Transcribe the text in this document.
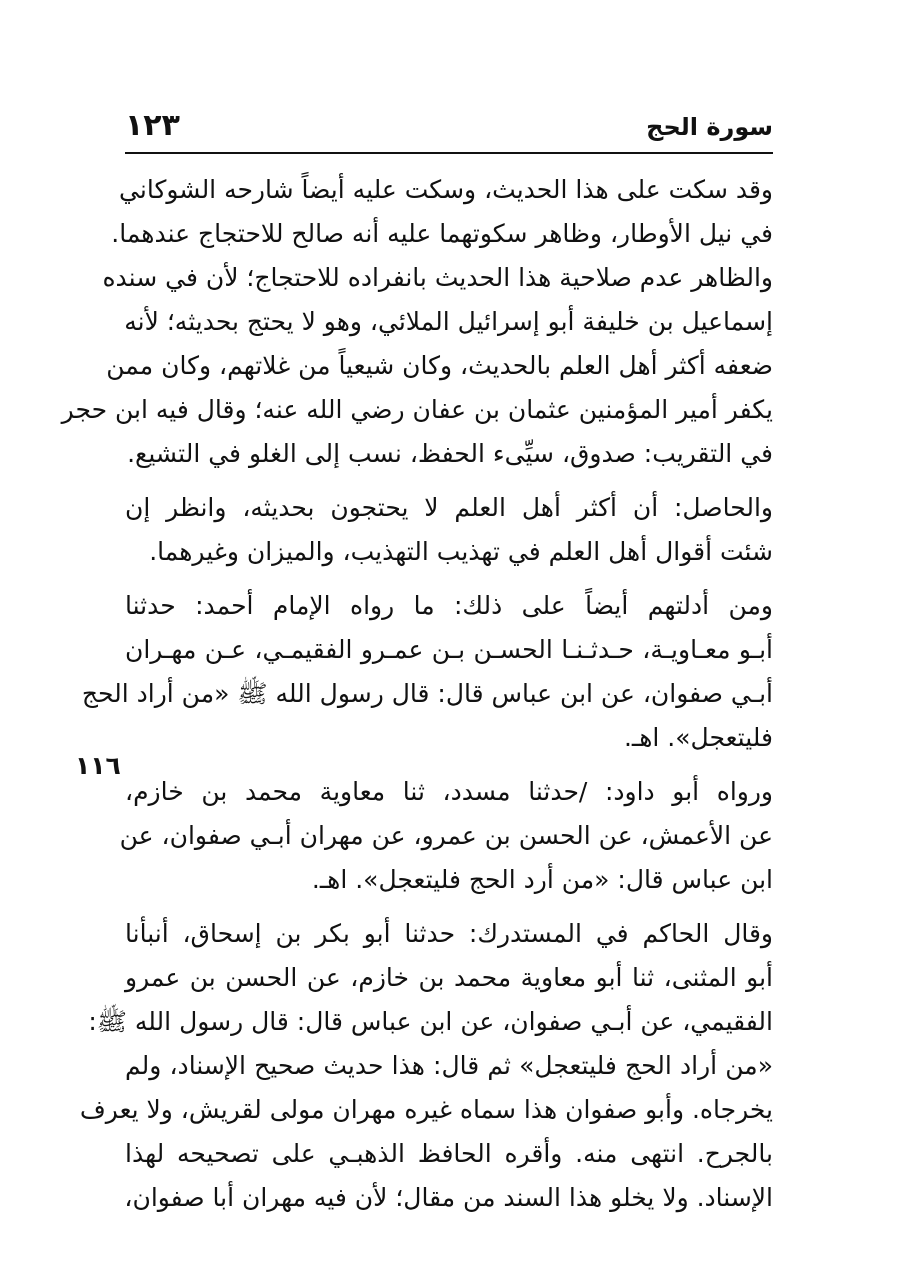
سورة الحج
١٢٣
١١٦

وقد سكت على هذا الحديث، وسكت عليه أيضاً شارحه الشوكاني
في نيل الأوطار، وظاهر سكوتهما عليه أنه صالح للاحتجاج عندهما.
والظاهر عدم صلاحية هذا الحديث بانفراده للاحتجاج؛ لأن في سنده
إسماعيل بن خليفة أبو إسرائيل الملائي، وهو لا يحتج بحديثه؛ لأنه
ضعفه أكثر أهل العلم بالحديث، وكان شيعياً من غلاتهم، وكان ممن
يكفر أمير المؤمنين عثمان بن عفان رضي الله عنه؛ وقال فيه ابن حجر
في التقريب: صدوق، سيِّىء الحفظ، نسب إلى الغلو في التشيع.

والحاصل: أن أكثر أهل العلم لا يحتجون بحديثه، وانظر إن
شئت أقوال أهل العلم في تهذيب التهذيب، والميزان وغيرهما.

ومن أدلتهم أيضاً على ذلك: ما رواه الإمام أحمد: حدثنا
أبـو معـاويـة، حـدثـنـا الحسـن بـن عمـرو الفقيمـي، عـن مهـران
أبـي صفوان، عن ابن عباس قال: قال رسول الله ﷺ «من أراد الحج
فليتعجل». اهـ.

ورواه أبو داود: /حدثنا مسدد، ثنا معاوية محمد بن خازم،
عن الأعمش، عن الحسن بن عمرو، عن مهران أبـي صفوان، عن
ابن عباس قال: «من أرد الحج فليتعجل». اهـ.

وقال الحاكم في المستدرك: حدثنا أبو بكر بن إسحاق، أنبأنا
أبو المثنى، ثنا أبو معاوية محمد بن خازم، عن الحسن بن عمرو
الفقيمي، عن أبـي صفوان، عن ابن عباس قال: قال رسول الله ﷺ:
«من أراد الحج فليتعجل» ثم قال: هذا حديث صحيح الإسناد، ولم
يخرجاه. وأبو صفوان هذا سماه غيره مهران مولى لقريش، ولا يعرف
بالجرح. انتهى منه. وأقره الحافظ الذهبـي على تصحيحه لهذا
الإسناد. ولا يخلو هذا السند من مقال؛ لأن فيه مهران أبا صفوان،
